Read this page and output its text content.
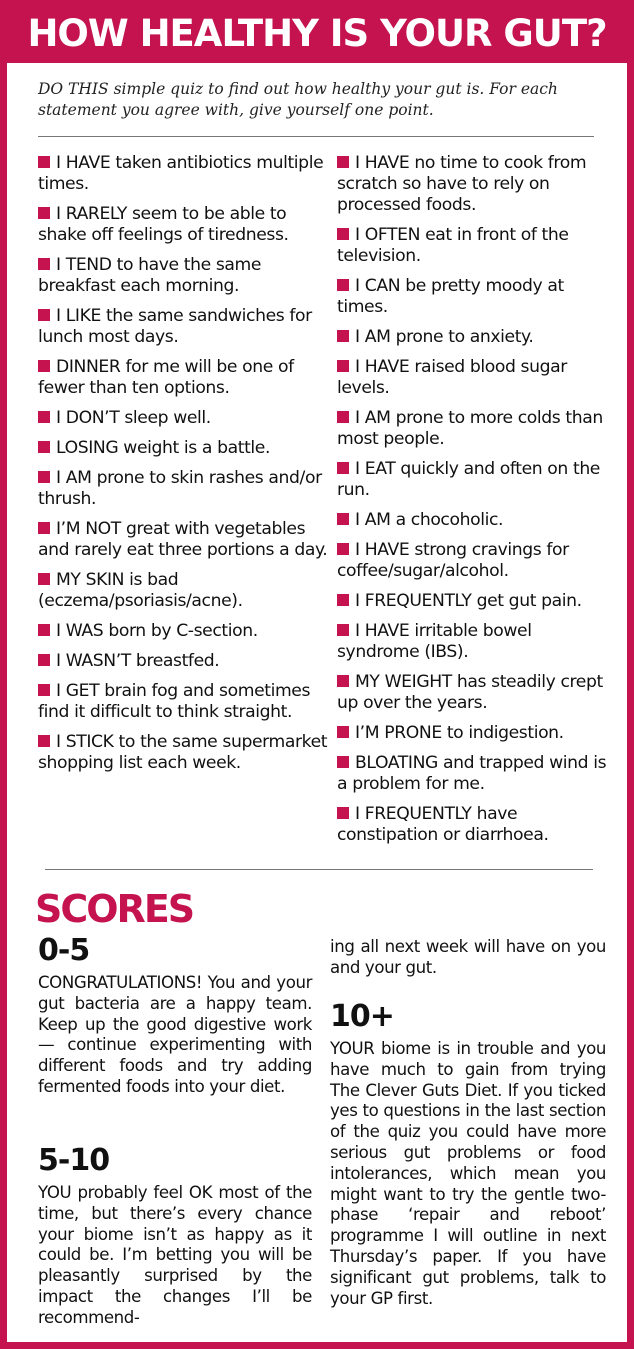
HOW HEALTHY IS YOUR GUT?
DO THIS simple quiz to find out how healthy your gut is. For each statement you agree with, give yourself one point.
I HAVE taken antibiotics multiple times.
I RARELY seem to be able to shake off feelings of tiredness.
I TEND to have the same breakfast each morning.
I LIKE the same sandwiches for lunch most days.
DINNER for me will be one of fewer than ten options.
I DON’T sleep well.
LOSING weight is a battle.
I AM prone to skin rashes and/or thrush.
I’M NOT great with vegetables and rarely eat three portions a day.
MY SKIN is bad (eczema/psoriasis/acne).
I WAS born by C-section.
I WASN’T breastfed.
I GET brain fog and sometimes find it difficult to think straight.
I STICK to the same supermarket shopping list each week.
I HAVE no time to cook from scratch so have to rely on processed foods.
I OFTEN eat in front of the television.
I CAN be pretty moody at times.
I AM prone to anxiety.
I HAVE raised blood sugar levels.
I AM prone to more colds than most people.
I EAT quickly and often on the run.
I AM a chocoholic.
I HAVE strong cravings for coffee/sugar/alcohol.
I FREQUENTLY get gut pain.
I HAVE irritable bowel syndrome (IBS).
MY WEIGHT has steadily crept up over the years.
I’M PRONE to indigestion.
BLOATING and trapped wind is a problem for me.
I FREQUENTLY have constipation or diarrhoea.
SCORES
0-5
CONGRATULATIONS! You and your gut bacteria are a happy team. Keep up the good digestive work — continue experimenting with different foods and try adding fermented foods into your diet.
5-10
YOU probably feel OK most of the time, but there’s every chance your biome isn’t as happy as it could be. I’m betting you will be pleasantly surprised by the impact the changes I’ll be recommend-
ing all next week will have on you and your gut.
10+
YOUR biome is in trouble and you have much to gain from trying The Clever Guts Diet. If you ticked yes to questions in the last section of the quiz you could have more serious gut problems or food intolerances, which mean you might want to try the gentle two-phase ‘repair and reboot’ programme I will outline in next Thursday’s paper. If you have significant gut problems, talk to your GP first.
